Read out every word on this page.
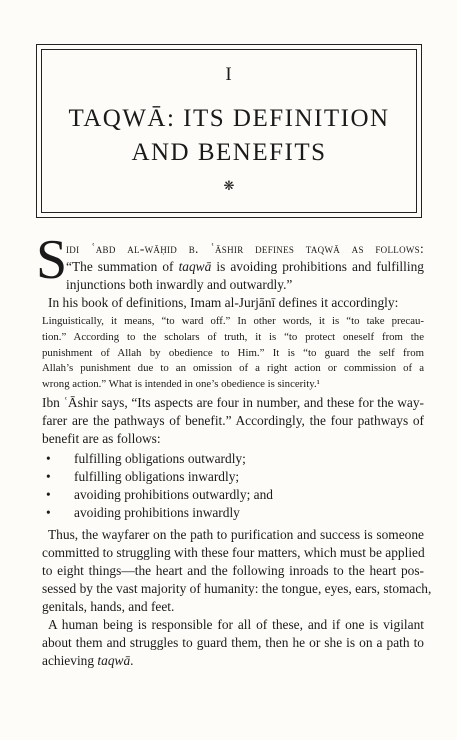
I
TAQWĀ: ITS DEFINITION
AND BENEFITS
❋
S
idi ʿabd al-wāḥid b. ʿāshir defines taqwā as follows:
“The summation of taqwā is avoiding prohibitions and fulfilling
injunctions both inwardly and outwardly.”
In his book of definitions, Imam al-Jurjānī defines it accordingly:
Linguistically, it means, “to ward off.” In other words, it is “to take precau-
tion.” According to the scholars of truth, it is “to protect oneself from the
punishment of Allah by obedience to Him.” It is “to guard the self from
Allah’s punishment due to an omission of a right action or commission of a
wrong action.” What is intended in one’s obedience is sincerity.¹
Ibn ʿĀshir says, “Its aspects are four in number, and these for the way-
farer are the pathways of benefit.” Accordingly, the four pathways of
benefit are as follows:
• fulfilling obligations outwardly;
• fulfilling obligations inwardly;
• avoiding prohibitions outwardly; and
• avoiding prohibitions inwardly
Thus, the wayfarer on the path to purification and success is someone
committed to struggling with these four matters, which must be applied
to eight things—the heart and the following inroads to the heart pos-
sessed by the vast majority of humanity: the tongue, eyes, ears, stomach,
genitals, hands, and feet.
A human being is responsible for all of these, and if one is vigilant
about them and struggles to guard them, then he or she is on a path to
achieving taqwā.
